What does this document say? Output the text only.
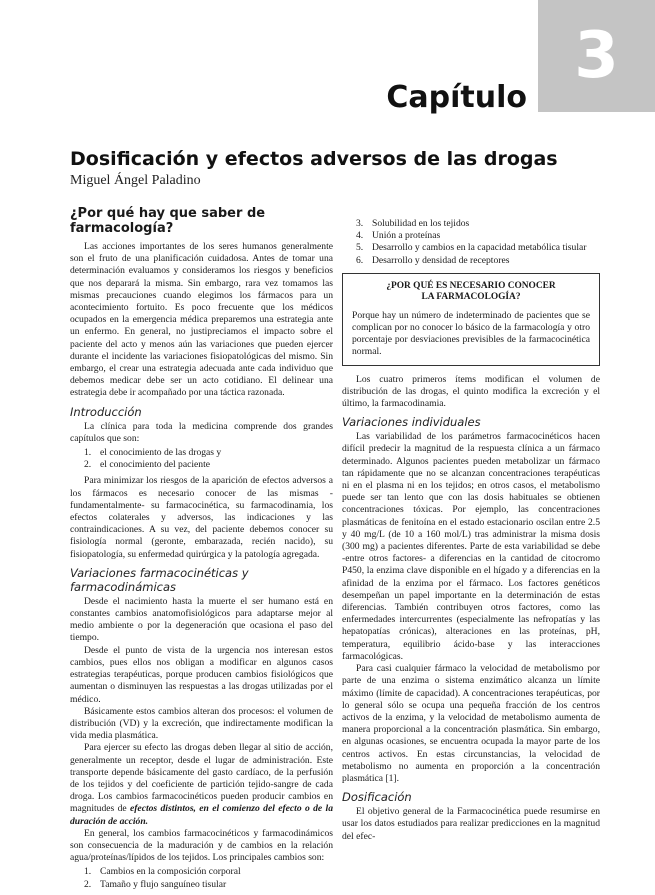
3
Capítulo
Dosificación y efectos adversos de las drogas
Miguel Ángel Paladino
¿Por qué hay que saber de farmacología?

Las acciones importantes de los seres humanos generalmente son el fruto de una planificación cuidadosa. Antes de tomar una determinación evaluamos y consideramos los riesgos y beneficios que nos deparará la misma. Sin embargo, rara vez tomamos las mismas precauciones cuando elegimos los fármacos para un acontecimiento fortuito. Es poco frecuente que los médicos ocupados en la emergencia médica preparemos una estrategia ante un enfermo. En general, no justipreciamos el impacto sobre el paciente del acto y menos aún las variaciones que pueden ejercer durante el incidente las variaciones fisiopatológicas del mismo. Sin embargo, el crear una estrategia adecuada ante cada individuo que debemos medicar debe ser un acto cotidiano. El delinear una estrategia debe ir acompañado por una táctica razonada.

Introducción

La clínica para toda la medicina comprende dos grandes capítulos que son:

1. el conocimiento de las drogas y
2. el conocimiento del paciente

Para minimizar los riesgos de la aparición de efectos adversos a los fármacos es necesario conocer de las mismas -fundamentalmente- su farmacocinética, su farmacodinamia, los efectos colaterales y adversos, las indicaciones y las contraindicaciones. A su vez, del paciente debemos conocer su fisiología normal (geronte, embarazada, recién nacido), su fisiopatología, su enfermedad quirúrgica y la patología agregada.

Variaciones farmacocinéticas y farmacodinámicas

Desde el nacimiento hasta la muerte el ser humano está en constantes cambios anatomofisiológicos para adaptarse mejor al medio ambiente o por la degeneración que ocasiona el paso del tiempo.

Desde el punto de vista de la urgencia nos interesan estos cambios, pues ellos nos obligan a modificar en algunos casos estrategias terapéuticas, porque producen cambios fisiológicos que aumentan o disminuyen las respuestas a las drogas utilizadas por el médico.

Básicamente estos cambios alteran dos procesos: el volumen de distribución (VD) y la excreción, que indirectamente modifican la vida media plasmática.

Para ejercer su efecto las drogas deben llegar al sitio de acción, generalmente un receptor, desde el lugar de administración. Este transporte depende básicamente del gasto cardíaco, de la perfusión de los tejidos y del coeficiente de partición tejido-sangre de cada droga. Los cambios farmacocinéticos pueden producir cambios en magnitudes de efectos distintos, en el comienzo del efecto o de la duración de acción.

En general, los cambios farmacocinéticos y farmacodinámicos son consecuencia de la maduración y de cambios en la relación agua/proteínas/lípidos de los tejidos. Los principales cambios son:

1. Cambios en la composición corporal
2. Tamaño y flujo sanguíneo tisular
3. Solubilidad en los tejidos
4. Unión a proteínas
5. Desarrollo y cambios en la capacidad metabólica tisular
6. Desarrollo y densidad de receptores
¿POR QUÉ ES NECESARIO CONOCER
LA FARMACOLOGÍA?

Porque hay un número de indeterminado de pacientes que se complican por no conocer lo básico de la farmacología y otro porcentaje por desviaciones previsibles de la farmacocinética normal.

Los cuatro primeros ítems modifican el volumen de distribución de las drogas, el quinto modifica la excreción y el último, la farmacodinamia.

Variaciones individuales

Las variabilidad de los parámetros farmacocinéticos hacen difícil predecir la magnitud de la respuesta clínica a un fármaco determinado. Algunos pacientes pueden metabolizar un fármaco tan rápidamente que no se alcanzan concentraciones terapéuticas ni en el plasma ni en los tejidos; en otros casos, el metabolismo puede ser tan lento que con las dosis habituales se obtienen concentraciones tóxicas. Por ejemplo, las concentraciones plasmáticas de fenitoína en el estado estacionario oscilan entre 2.5 y 40 mg/L (de 10 a 160 mol/L) tras administrar la misma dosis (300 mg) a pacientes diferentes. Parte de esta variabilidad se debe -entre otros factores- a diferencias en la cantidad de citocromo P450, la enzima clave disponible en el hígado y a diferencias en la afinidad de la enzima por el fármaco. Los factores genéticos desempeñan un papel importante en la determinación de estas diferencias. También contribuyen otros factores, como las enfermedades intercurrentes (especialmente las nefropatías y las hepatopatías crónicas), alteraciones en las proteínas, pH, temperatura, equilibrio ácido-base y las interacciones farmacológicas.

Para casi cualquier fármaco la velocidad de metabolismo por parte de una enzima o sistema enzimático alcanza un límite máximo (límite de capacidad). A concentraciones terapéuticas, por lo general sólo se ocupa una pequeña fracción de los centros activos de la enzima, y la velocidad de metabolismo aumenta de manera proporcional a la concentración plasmática. Sin embargo, en algunas ocasiones, se encuentra ocupada la mayor parte de los centros activos. En estas circunstancias, la velocidad de metabolismo no aumenta en proporción a la concentración plasmática [1].

Dosificación

El objetivo general de la Farmacocinética puede resumirse en usar los datos estudiados para realizar predicciones en la magnitud del efec-
